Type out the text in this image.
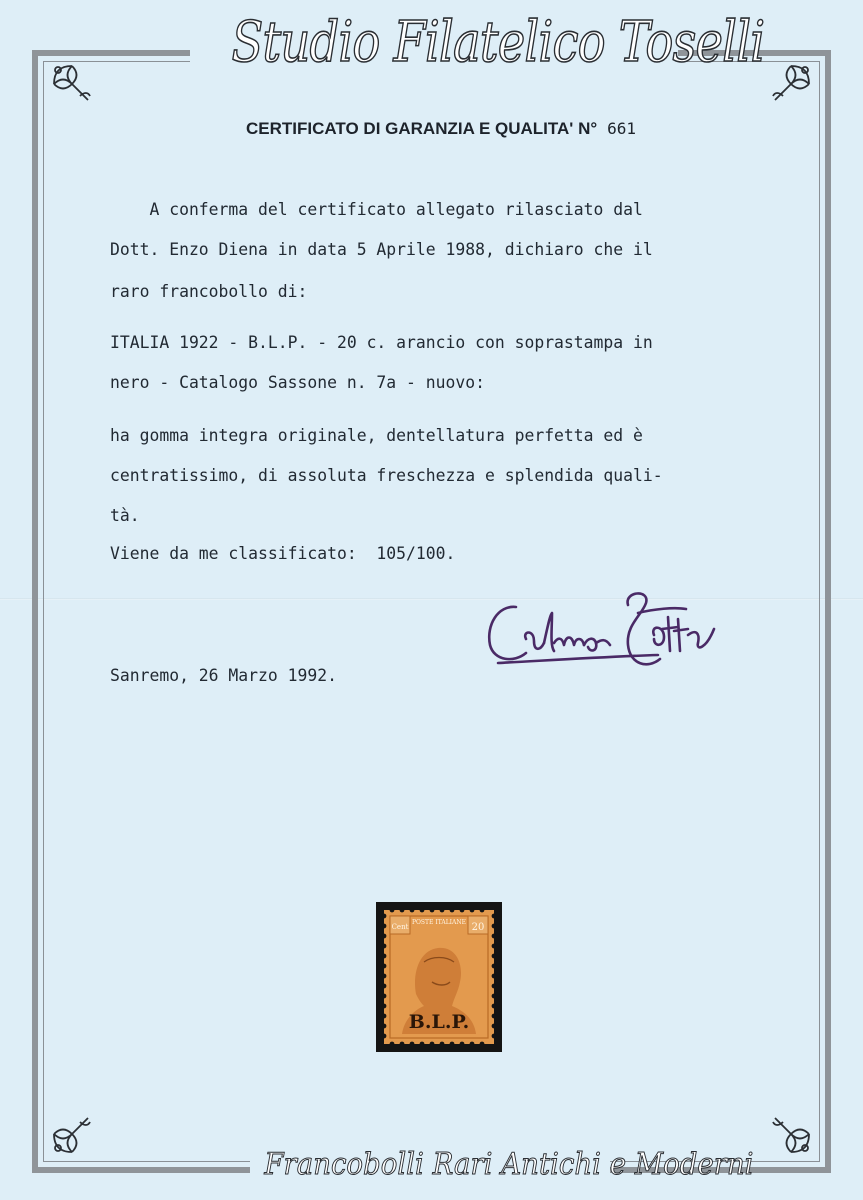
Studio Filatelico Toselli
CERTIFICATO DI GARANZIA E QUALITA' N° 661
A conferma del certificato allegato rilasciato dal
Dott. Enzo Diena in data 5 Aprile 1988, dichiaro che il
raro francobollo di:
ITALIA 1922 - B.L.P. - 20 c. arancio con soprastampa in
nero - Catalogo Sassone n. 7a - nuovo:
ha gomma integra originale, dentellatura perfetta ed è
centratissimo, di assoluta freschezza e splendida quali-
tà.
Viene da me classificato:  105/100.
Sanremo, 26 Marzo 1992.
Cent	20
POSTE ITALIANE
B.L.P.
Francobolli Rari Antichi e Moderni
